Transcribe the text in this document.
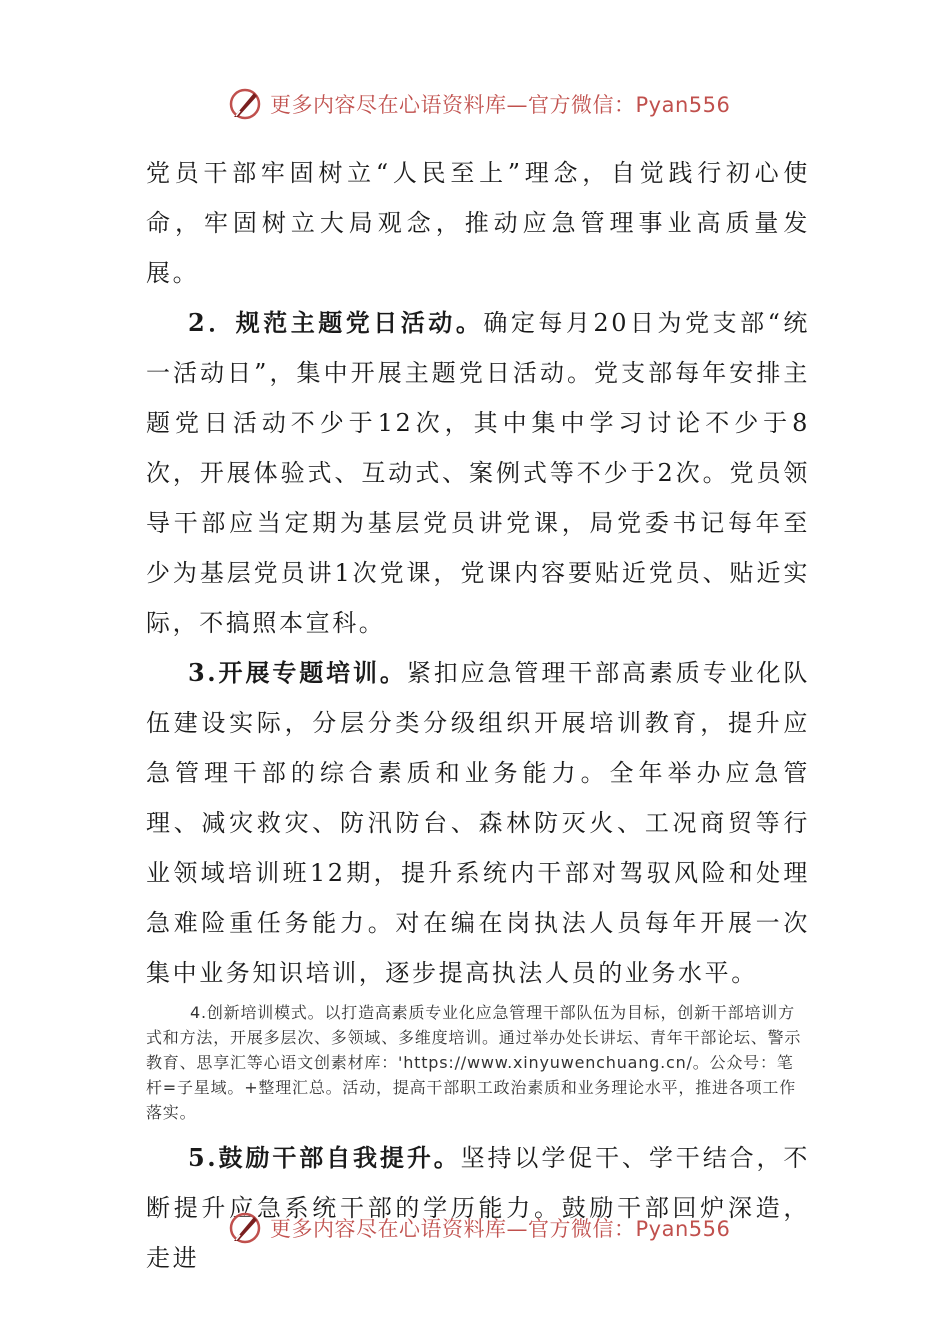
更多内容尽在心语资料库—官方微信：Pyan556

党员干部牢固树立“人民至上”理念，自觉践行初心使命，牢固树立大局观念，推动应急管理事业高质量发展。

2．规范主题党日活动。确定每月20日为党支部“统一活动日”，集中开展主题党日活动。党支部每年安排主题党日活动不少于12次，其中集中学习讨论不少于8次，开展体验式、互动式、案例式等不少于2次。党员领导干部应当定期为基层党员讲党课，局党委书记每年至少为基层党员讲1次党课，党课内容要贴近党员、贴近实际，不搞照本宣科。

3.开展专题培训。紧扣应急管理干部高素质专业化队伍建设实际，分层分类分级组织开展培训教育，提升应急管理干部的综合素质和业务能力。全年举办应急管理、减灾救灾、防汛防台、森林防灭火、工况商贸等行业领域培训班12期，提升系统内干部对驾驭风险和处理急难险重任务能力。对在编在岗执法人员每年开展一次集中业务知识培训，逐步提高执法人员的业务水平。

4.创新培训模式。以打造高素质专业化应急管理干部队伍为目标，创新干部培训方式和方法，开展多层次、多领域、多维度培训。通过举办处长讲坛、青年干部论坛、警示教育、思享汇等心语文创素材库：'https://www.xinyuwenchuang.cn/。公众号：笔杆=子星域。+整理汇总。活动，提高干部职工政治素质和业务理论水平，推进各项工作落实。

5.鼓励干部自我提升。坚持以学促干、学干结合，不断提升应急系统干部的学历能力。鼓励干部回炉深造，走进

更多内容尽在心语资料库—官方微信：Pyan556
